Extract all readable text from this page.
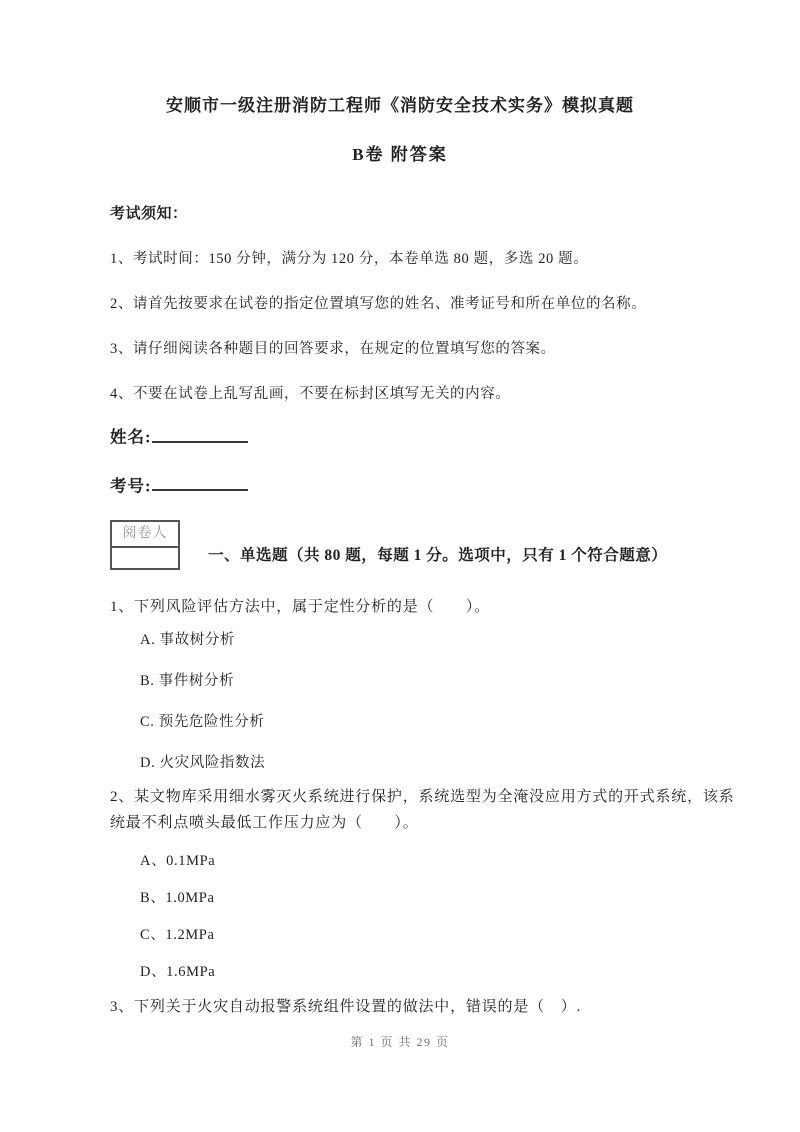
安顺市一级注册消防工程师《消防安全技术实务》模拟真题
B卷 附答案
考试须知：
1、考试时间：150 分钟，满分为 120 分，本卷单选 80 题，多选 20 题。
2、请首先按要求在试卷的指定位置填写您的姓名、准考证号和所在单位的名称。
3、请仔细阅读各种题目的回答要求，在规定的位置填写您的答案。
4、不要在试卷上乱写乱画，不要在标封区填写无关的内容。
姓名:
考号:
阅卷人
一、单选题（共 80 题，每题 1 分。选项中，只有 1 个符合题意）
1、下列风险评估方法中，属于定性分析的是（　　）。
A. 事故树分析
B. 事件树分析
C. 预先危险性分析
D. 火灾风险指数法
2、某文物库采用细水雾灭火系统进行保护，系统选型为全淹没应用方式的开式系统，该系统最不利点喷头最低工作压力应为（　　）。
A、0.1MPa
B、1.0MPa
C、1.2MPa
D、1.6MPa
3、下列关于火灾自动报警系统组件设置的做法中，错误的是（　）.
第 1 页 共 29 页
